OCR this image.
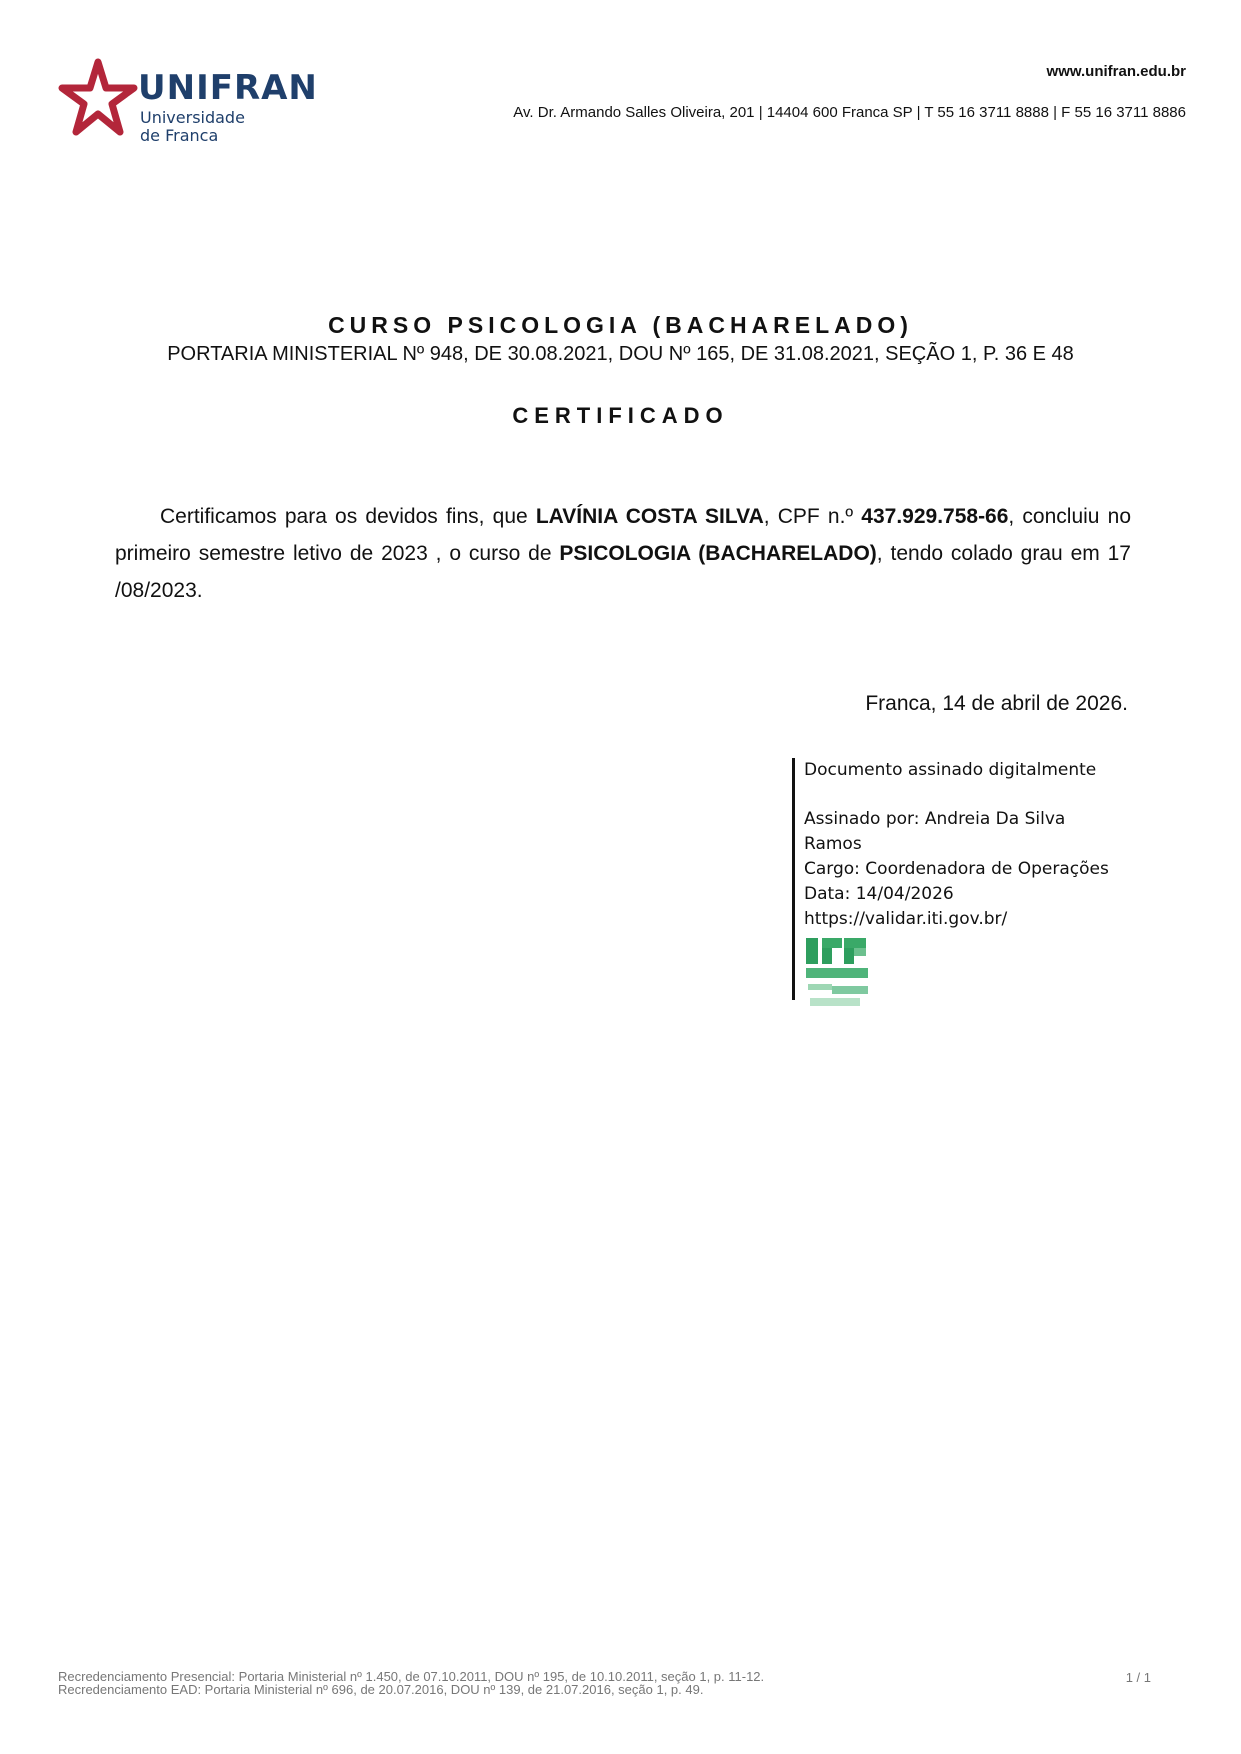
UNIFRAN
Universidade
de Franca
www.unifran.edu.br
Av. Dr. Armando Salles Oliveira, 201 | 14404 600 Franca SP | T 55 16 3711 8888 | F 55 16 3711 8886
CURSO PSICOLOGIA (BACHARELADO)
PORTARIA MINISTERIAL Nº 948, DE 30.08.2021, DOU Nº 165, DE 31.08.2021, SEÇÃO 1, P. 36 E 48
CERTIFICADO
Certificamos para os devidos fins, que LAVÍNIA COSTA SILVA, CPF n.º 437.929.758-66, concluiu no primeiro semestre letivo de 2023 , o curso de PSICOLOGIA (BACHARELADO), tendo colado grau em 17 /08/2023.
Franca, 14 de abril de 2026.
Documento assinado digitalmente
Assinado por: Andreia Da Silva Ramos
Cargo: Coordenadora de Operações
Data: 14/04/2026
https://validar.iti.gov.br/
Recredenciamento Presencial: Portaria Ministerial nº 1.450, de 07.10.2011, DOU nº 195, de 10.10.2011, seção 1, p. 11-12.
Recredenciamento EAD: Portaria Ministerial nº 696, de 20.07.2016, DOU nº 139, de 21.07.2016, seção 1, p. 49.
1 / 1
